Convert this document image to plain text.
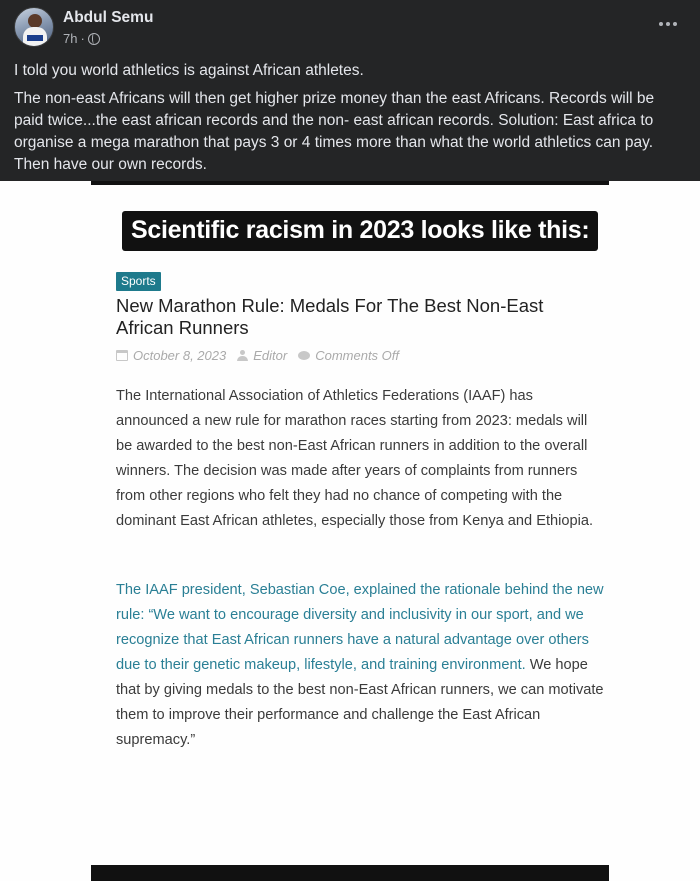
Abdul Semu
7h ·

I told you world athletics is against African athletes.

The non-east Africans will then get higher prize money than the east Africans. Records will be paid twice...the east african records and the non- east african records. Solution: East africa to organise a mega marathon that pays 3 or 4 times more than what the world athletics can pay. Then have our own records.

Scientific racism in 2023 looks like this:
Sports
New Marathon Rule: Medals For The Best Non-East African Runners
October 8, 2023 Editor Comments Off

The International Association of Athletics Federations (IAAF) has announced a new rule for marathon races starting from 2023: medals will be awarded to the best non-East African runners in addition to the overall winners. The decision was made after years of complaints from runners from other regions who felt they had no chance of competing with the dominant East African athletes, especially those from Kenya and Ethiopia.

The IAAF president, Sebastian Coe, explained the rationale behind the new rule: “We want to encourage diversity and inclusivity in our sport, and we recognize that East African runners have a natural advantage over others due to their genetic makeup, lifestyle, and training environment. We hope that by giving medals to the best non-East African runners, we can motivate them to improve their performance and challenge the East African supremacy.”
